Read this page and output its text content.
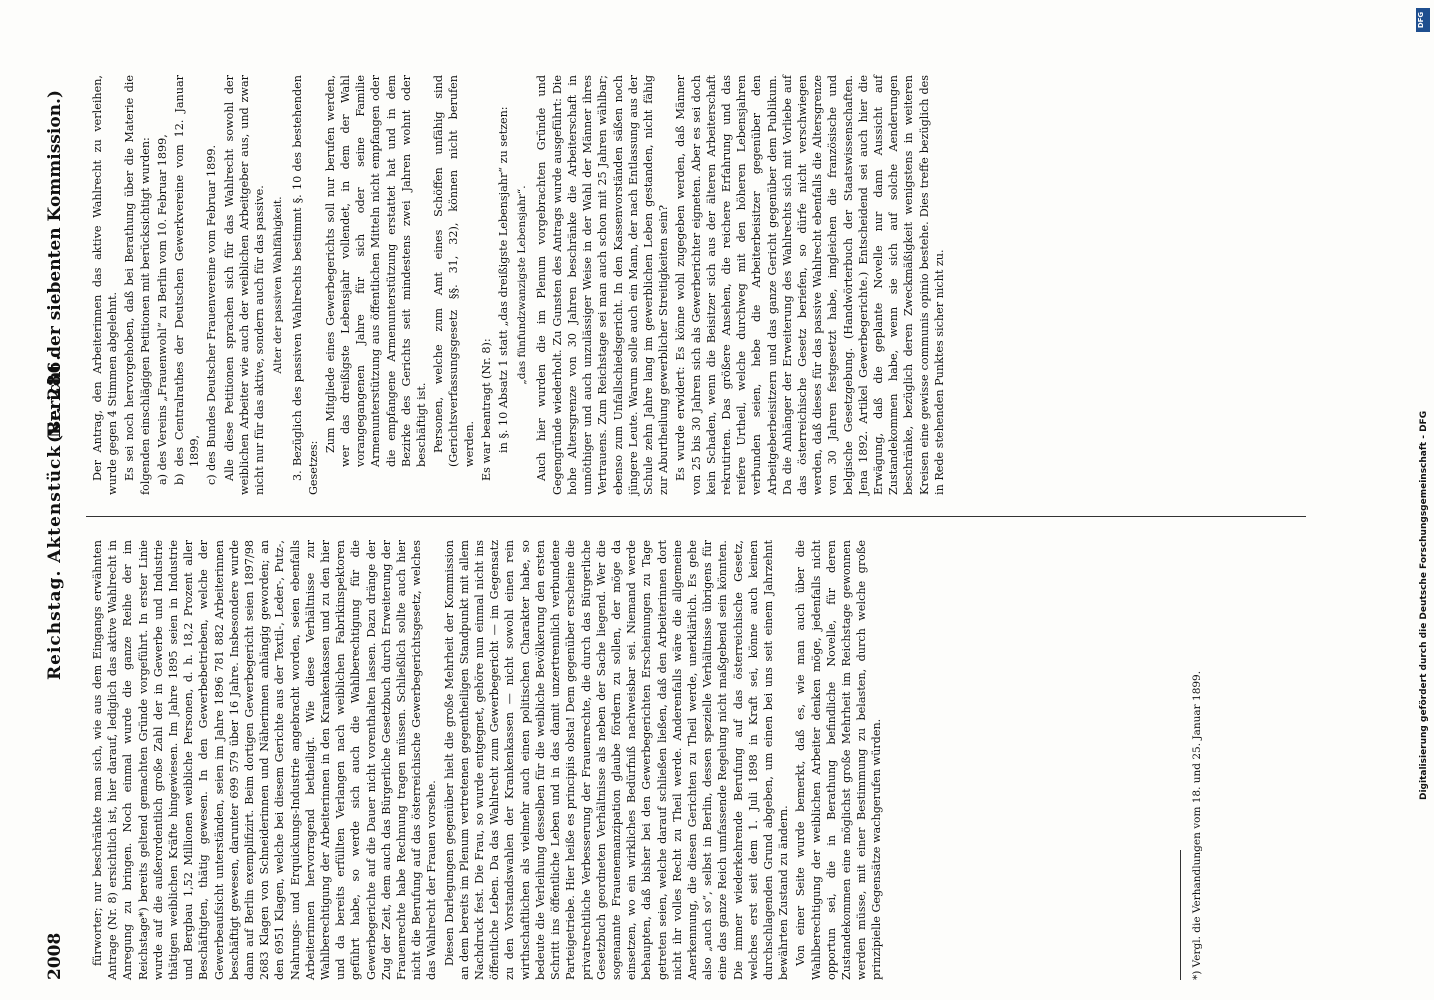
2008
Reichstag. Aktenstück Nr. 286.
(Bericht der siebenten Kommission.)

fürworter; nur beschränkte man sich, wie aus dem Eingangs erwähnten Antrage (Nr. 8) ersichtlich ist, hier darauf, lediglich das aktive Wahlrecht in Anregung zu bringen. Noch einmal wurde die ganze Reihe der im Reichstage*) bereits geltend gemachten Gründe vorgeführt. In erster Linie wurde auf die außerordentlich große Zahl der in Gewerbe und Industrie thätigen weiblichen Kräfte hingewiesen. Im Jahre 1895 seien in Industrie und Bergbau 1,52 Millionen weibliche Personen, d. h. 18,2 Prozent aller Beschäftigten, thätig gewesen. In den Gewerbebetrieben, welche der Gewerbeaufsicht unterständen, seien im Jahre 1896 781 882 Arbeiterinnen beschäftigt gewesen, darunter 699 579 über 16 Jahre. Insbesondere wurde dann auf Berlin exemplifizirt. Beim dortigen Gewerbegericht seien 1897/98 2683 Klagen von Schneiderinnen und Näherinnen anhängig geworden; an den 6951 Klagen, welche bei diesem Gerichte aus der Textil-, Leder-, Putz-, Nahrungs- und Erquickungs-Industrie angebracht worden, seien ebenfalls Arbeiterinnen hervorragend betheiligt. Wie diese Verhältnisse zur Wahlberechtigung der Arbeiterinnen in den Krankenkassen und zu den hier und da bereits erfüllten Verlangen nach weiblichen Fabrikinspektoren geführt habe, so werde sich auch die Wahlberechtigung für die Gewerbegerichte auf die Dauer nicht vorenthalten lassen. Dazu dränge der Zug der Zeit, dem auch das Bürgerliche Gesetzbuch durch Erweiterung der Frauenrechte habe Rechnung tragen müssen. Schließlich sollte auch hier nicht die Berufung auf das österreichische Gewerbegerichtsgesetz, welches das Wahlrecht der Frauen vorsehe. Diesen Darlegungen gegenüber hielt die große Mehrheit der Kommission an dem bereits im Plenum vertretenen gegentheiligen Standpunkt mit allem Nachdruck fest. Die Frau, so wurde entgegnet, gehöre nun einmal nicht ins öffentliche Leben. Da das Wahlrecht zum Gewerbegericht — im Gegensatz zu den Vorstandswahlen der Krankenkassen — nicht sowohl einen rein wirthschaftlichen als vielmehr auch einen politischen Charakter habe, so bedeute die Verleihung desselben für die weibliche Bevölkerung den ersten Schritt ins öffentliche Leben und in das damit unzertrennlich verbundene Parteigetriebe. Hier heiße es principiis obsta! Dem gegenüber erscheine die privatrechtliche Verbesserung der Frauenrechte, die durch das Bürgerliche Gesetzbuch geordneten Verhältnisse als neben der Sache liegend. Wer die sogenannte Frauenemanzipation glaube fördern zu sollen, der möge da einsetzen, wo ein wirkliches Bedürfniß nachweisbar sei. Niemand werde behaupten, daß bisher bei den Gewerbegerichten Erscheinungen zu Tage getreten seien, welche darauf schließen ließen, daß den Arbeiterinnen dort nicht ihr volles Recht zu Theil werde. Anderenfalls wäre die allgemeine Anerkennung, die diesen Gerichten zu Theil werde, unerklärlich. Es gehe also „auch so“, selbst in Berlin, dessen spezielle Verhältnisse übrigens für eine das ganze Reich umfassende Regelung nicht maßgebend sein könnten. Die immer wiederkehrende Berufung auf das österreichische Gesetz, welches erst seit dem 1. Juli 1898 in Kraft sei, könne auch keinen durchschlagenden Grund abgeben, um einen bei uns seit einem Jahrzehnt bewährten Zustand zu ändern. Von einer Seite wurde bemerkt, daß es, wie man auch über die Wahlberechtigung der weiblichen Arbeiter denken möge, jedenfalls nicht opportun sei, die in Berathung befindliche Novelle, für deren Zustandekommen eine möglichst große Mehrheit im Reichstage gewonnen werden müsse, mit einer Bestimmung zu belasten, durch welche große prinzipielle Gegensätze wachgerufen würden.

Der Antrag, den Arbeiterinnen das aktive Wahlrecht zu verleihen, wurde gegen 4 Stimmen abgelehnt. Es sei noch hervorgehoben, daß bei Berathung über die Materie die folgenden einschlägigen Petitionen mit berücksichtigt wurden: a) des Vereins „Frauenwohl“ zu Berlin vom 10. Februar 1899, b) des Centralrathes der Deutschen Gewerkvereine vom 12. Januar 1899, c) des Bundes Deutscher Frauenvereine vom Februar 1899. Alle diese Petitionen sprachen sich für das Wahlrecht sowohl der weiblichen Arbeiter wie auch der weiblichen Arbeitgeber aus, und zwar nicht nur für das aktive, sondern auch für das passive. Alter der passiven Wahlfähigkeit. 3. Bezüglich des passiven Wahlrechts bestimmt §. 10 des bestehenden Gesetzes:

Zum Mitgliede eines Gewerbegerichts soll nur berufen werden, wer das dreißigste Lebensjahr vollendet, in dem der Wahl vorangegangenen Jahre für sich oder seine Familie Armenunterstützung aus öffentlichen Mitteln nicht empfangen oder die empfangene Armenunterstützung erstattet hat und in dem Bezirke des Gerichts seit mindestens zwei Jahren wohnt oder beschäftigt ist. Personen, welche zum Amt eines Schöffen unfähig sind (Gerichtsverfassungsgesetz §§. 31, 32), können nicht berufen werden. Es war beantragt (Nr. 8): in §. 10 Absatz 1 statt „das dreißigste Lebensjahr“ zu setzen: „das fünfundzwanzigste Lebensjahr“. Auch hier wurden die im Plenum vorgebrachten Gründe und Gegengründe wiederholt. Zu Gunsten des Antrags wurde ausgeführt: Die hohe Altersgrenze von 30 Jahren beschränke die Arbeiterschaft in unnöthiger und auch unzulässiger Weise in der Wahl der Männer ihres Vertrauens. Zum Reichstage sei man auch schon mit 25 Jahren wählbar; ebenso zum Unfallschiedsgericht. In den Kassenvorständen säßen noch jüngere Leute. Warum solle auch ein Mann, der nach Entlassung aus der Schule zehn Jahre lang im gewerblichen Leben gestanden, nicht fähig zur Aburtheilung gewerblicher Streitigkeiten sein? Es wurde erwidert: Es könne wohl zugegeben werden, daß Männer von 25 bis 30 Jahren sich als Gewerberichter eigneten. Aber es sei doch kein Schaden, wenn die Beisitzer sich aus der älteren Arbeiterschaft rekrutirten. Das größere Ansehen, die reichere Erfahrung und das reifere Urtheil, welche durchweg mit den höheren Lebensjahren verbunden seien, hebe die Arbeiterbeisitzer gegenüber den Arbeitgeberbeisitzern und das ganze Gericht gegenüber dem Publikum. Da die Anhänger der Erweiterung des Wahlrechts sich mit Vorliebe auf das österreichische Gesetz beriefen, so dürfe nicht verschwiegen werden, daß dieses für das passive Wahlrecht ebenfalls die Altersgrenze von 30 Jahren festgesetzt habe, imgleichen die französische und belgische Gesetzgebung. (Handwörterbuch der Staatswissenschaften. Jena 1892. Artikel Gewerbegerichte.) Entscheidend sei auch hier die Erwägung, daß die geplante Novelle nur dann Aussicht auf Zustandekommen habe, wenn sie sich auf solche Aenderungen beschränke, bezüglich deren Zweckmäßigkeit wenigstens in weiteren Kreisen eine gewisse communis opinio bestehe. Dies treffe bezüglich des in Rede stehenden Punktes sicher nicht zu.

*) Vergl. die Verhandlungen vom 18. und 25. Januar 1899.
DFG
Digitalisierung gefördert durch die Deutsche Forschungsgemeinschaft - DFG
